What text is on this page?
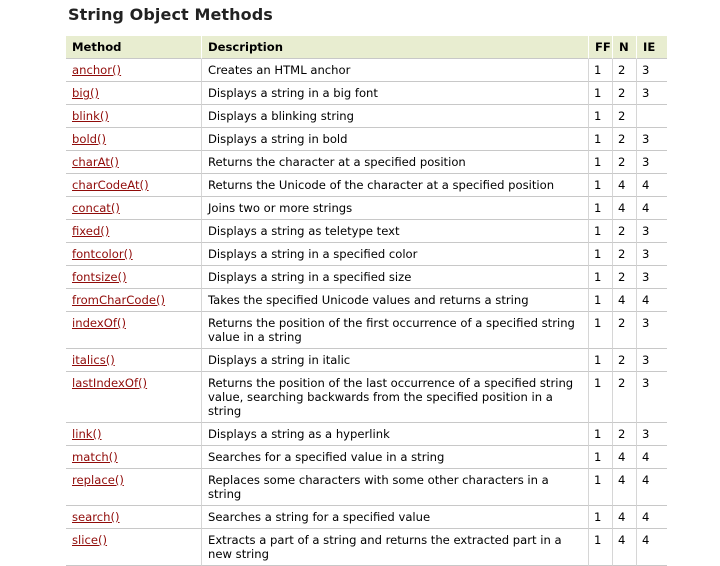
String Object Methods
Method	Description	FF	N	IE
anchor()	Creates an HTML anchor	1	2	3
big()	Displays a string in a big font	1	2	3
blink()	Displays a blinking string	1	2	
bold()	Displays a string in bold	1	2	3
charAt()	Returns the character at a specified position	1	2	3
charCodeAt()	Returns the Unicode of the character at a specified position	1	4	4
concat()	Joins two or more strings	1	4	4
fixed()	Displays a string as teletype text	1	2	3
fontcolor()	Displays a string in a specified color	1	2	3
fontsize()	Displays a string in a specified size	1	2	3
fromCharCode()	Takes the specified Unicode values and returns a string	1	4	4
indexOf()	Returns the position of the first occurrence of a specified string value in a string	1	2	3
italics()	Displays a string in italic	1	2	3
lastIndexOf()	Returns the position of the last occurrence of a specified string value, searching backwards from the specified position in a string	1	2	3
link()	Displays a string as a hyperlink	1	2	3
match()	Searches for a specified value in a string	1	4	4
replace()	Replaces some characters with some other characters in a string	1	4	4
search()	Searches a string for a specified value	1	4	4
slice()	Extracts a part of a string and returns the extracted part in a new string	1	4	4
